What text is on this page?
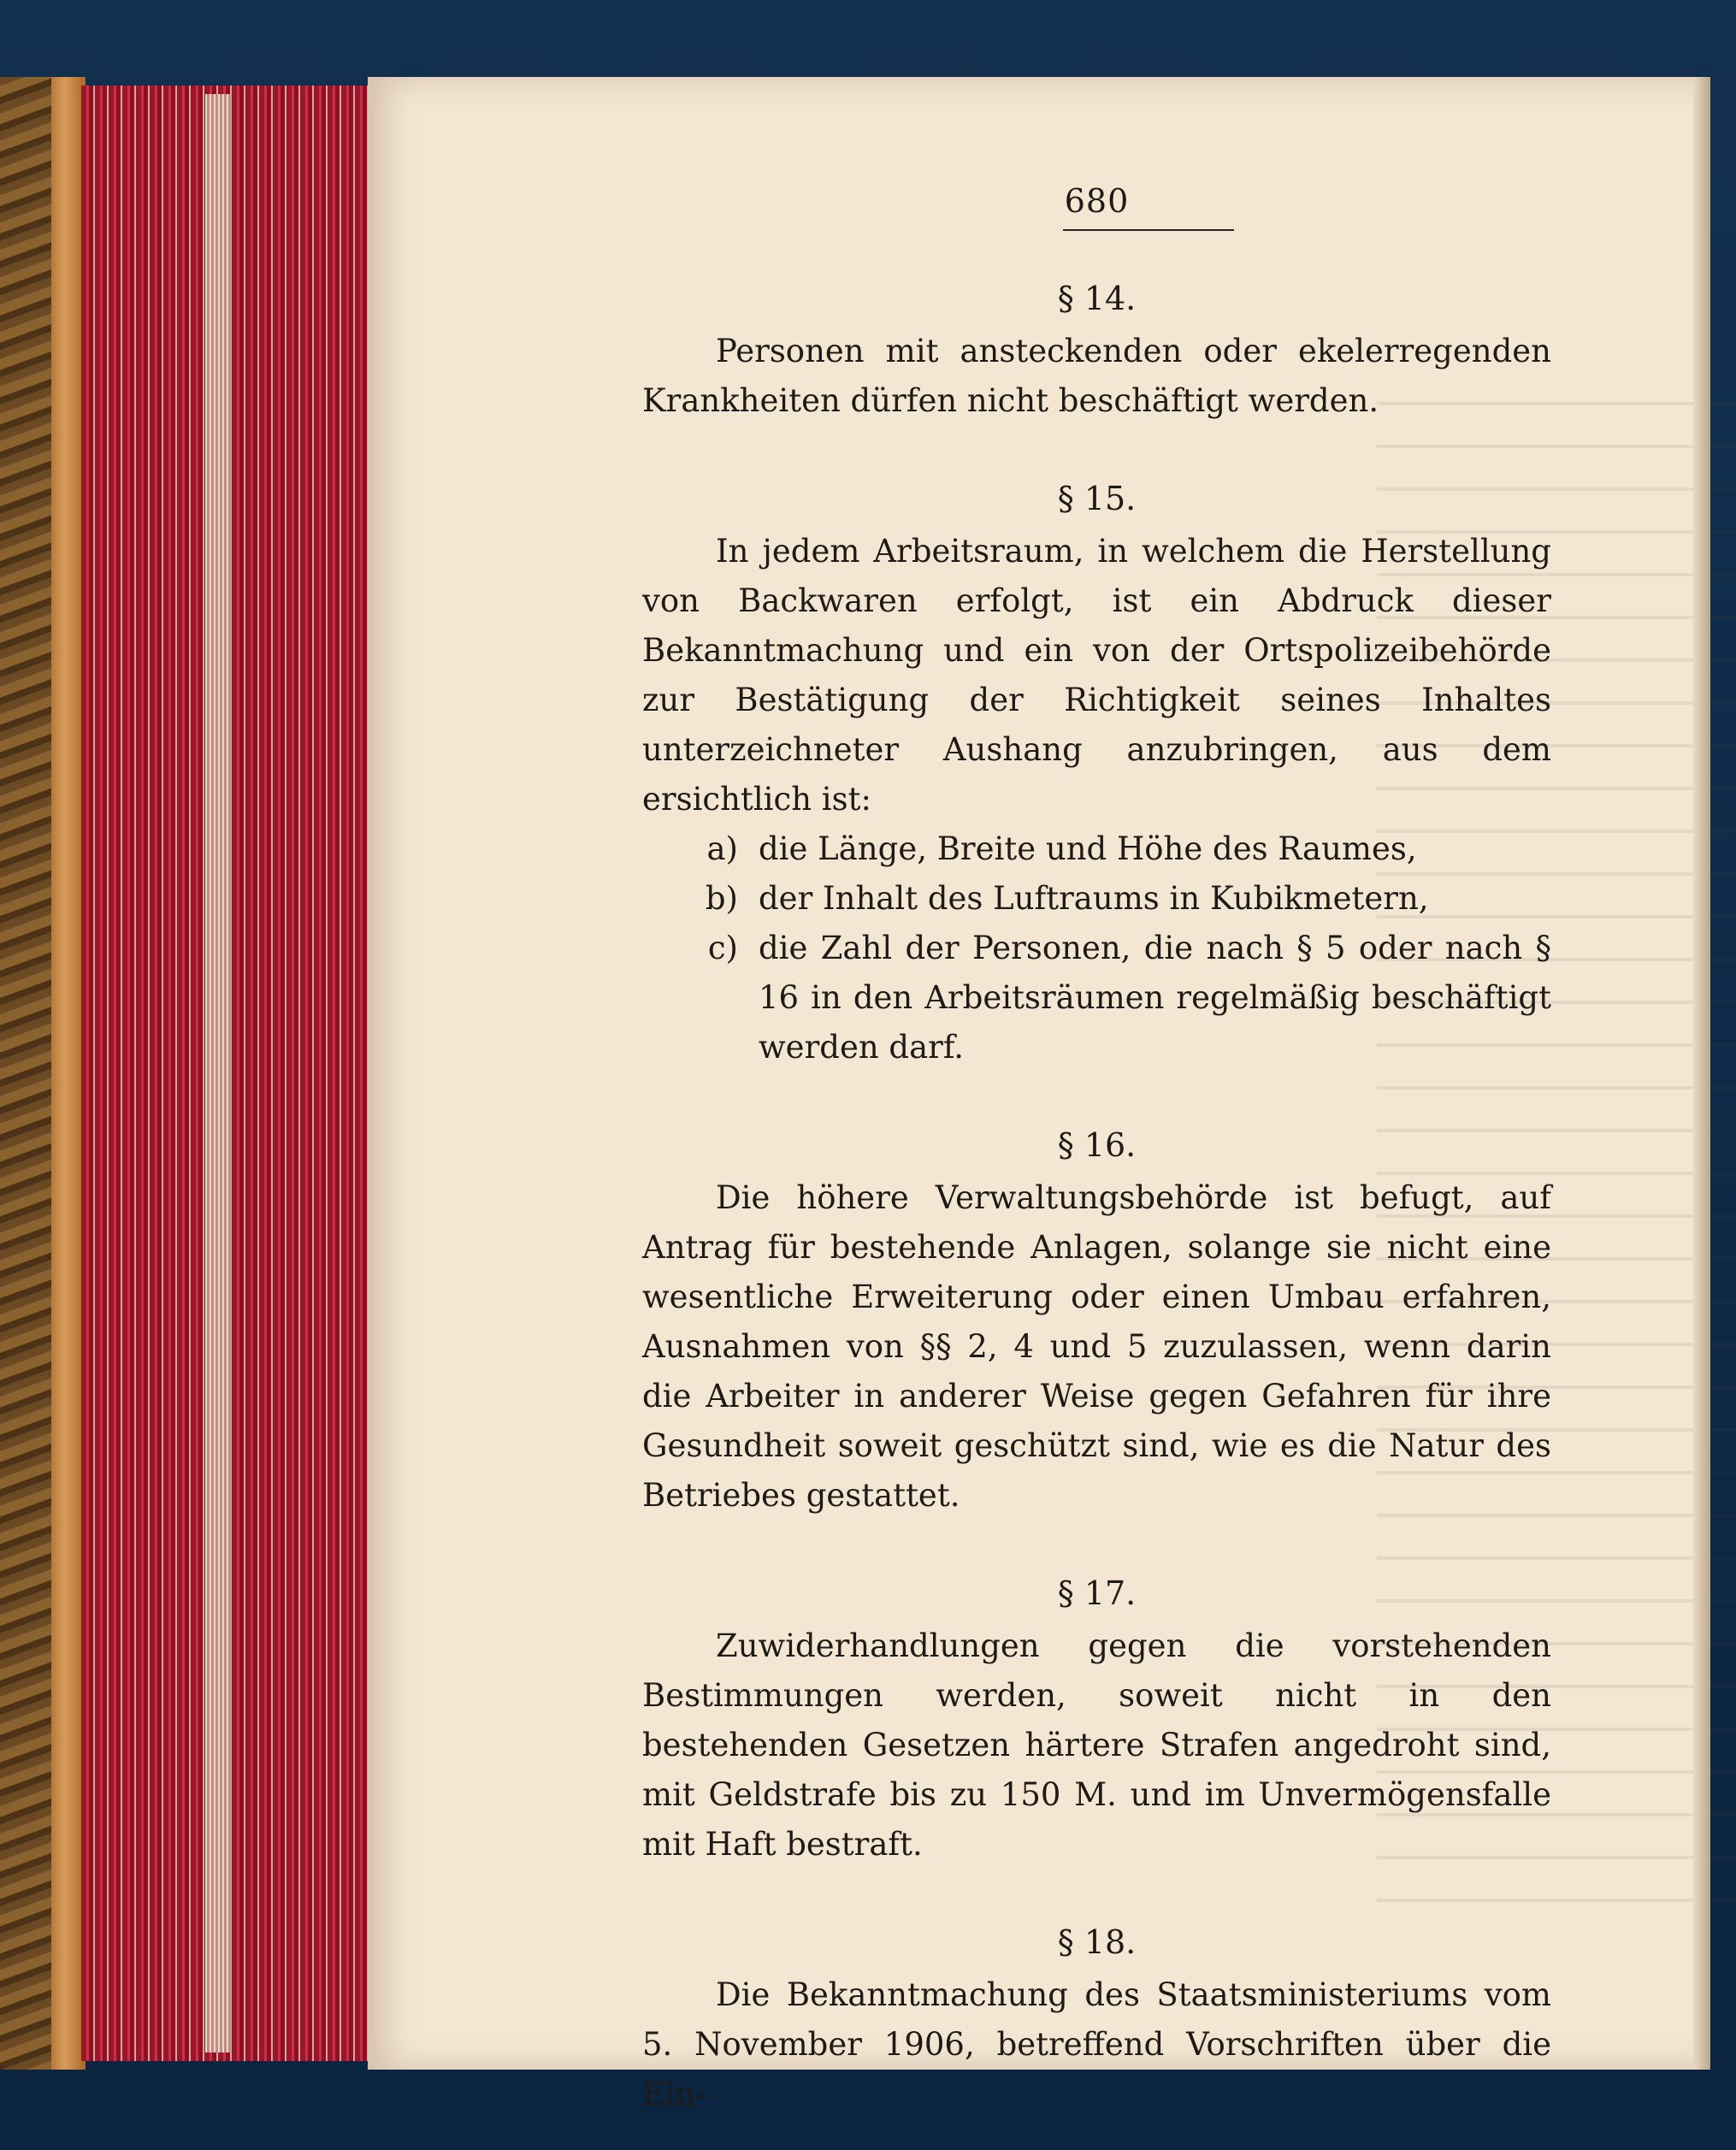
680
§ 14.

Personen mit ansteckenden oder ekelerregenden Krankheiten dürfen nicht beschäftigt werden.

§ 15.

In jedem Arbeitsraum, in welchem die Herstellung von Backwaren erfolgt, ist ein Abdruck dieser Bekanntmachung und ein von der Ortspolizeibehörde zur Bestätigung der Richtigkeit seines Inhaltes unterzeichneter Aushang anzubringen, aus dem ersichtlich ist:

a) die Länge, Breite und Höhe des Raumes,
b) der Inhalt des Luftraums in Kubikmetern,
c) die Zahl der Personen, die nach § 5 oder nach § 16 in den Arbeitsräumen regelmäßig beschäftigt werden darf.
§ 16.

Die höhere Verwaltungsbehörde ist befugt, auf Antrag für bestehende Anlagen, solange sie nicht eine wesentliche Erweiterung oder einen Umbau erfahren, Ausnahmen von §§ 2, 4 und 5 zuzulassen, wenn darin die Arbeiter in anderer Weise gegen Gefahren für ihre Gesundheit soweit geschützt sind, wie es die Natur des Betriebes gestattet.

§ 17.

Zuwiderhandlungen gegen die vorstehenden Bestimmungen werden, soweit nicht in den bestehenden Gesetzen härtere Strafen angedroht sind, mit Geldstrafe bis zu 150 M. und im Unvermögensfalle mit Haft bestraft.

§ 18.

Die Bekanntmachung des Staatsministeriums vom 5. November 1906, betreffend Vorschriften über die Ein-
